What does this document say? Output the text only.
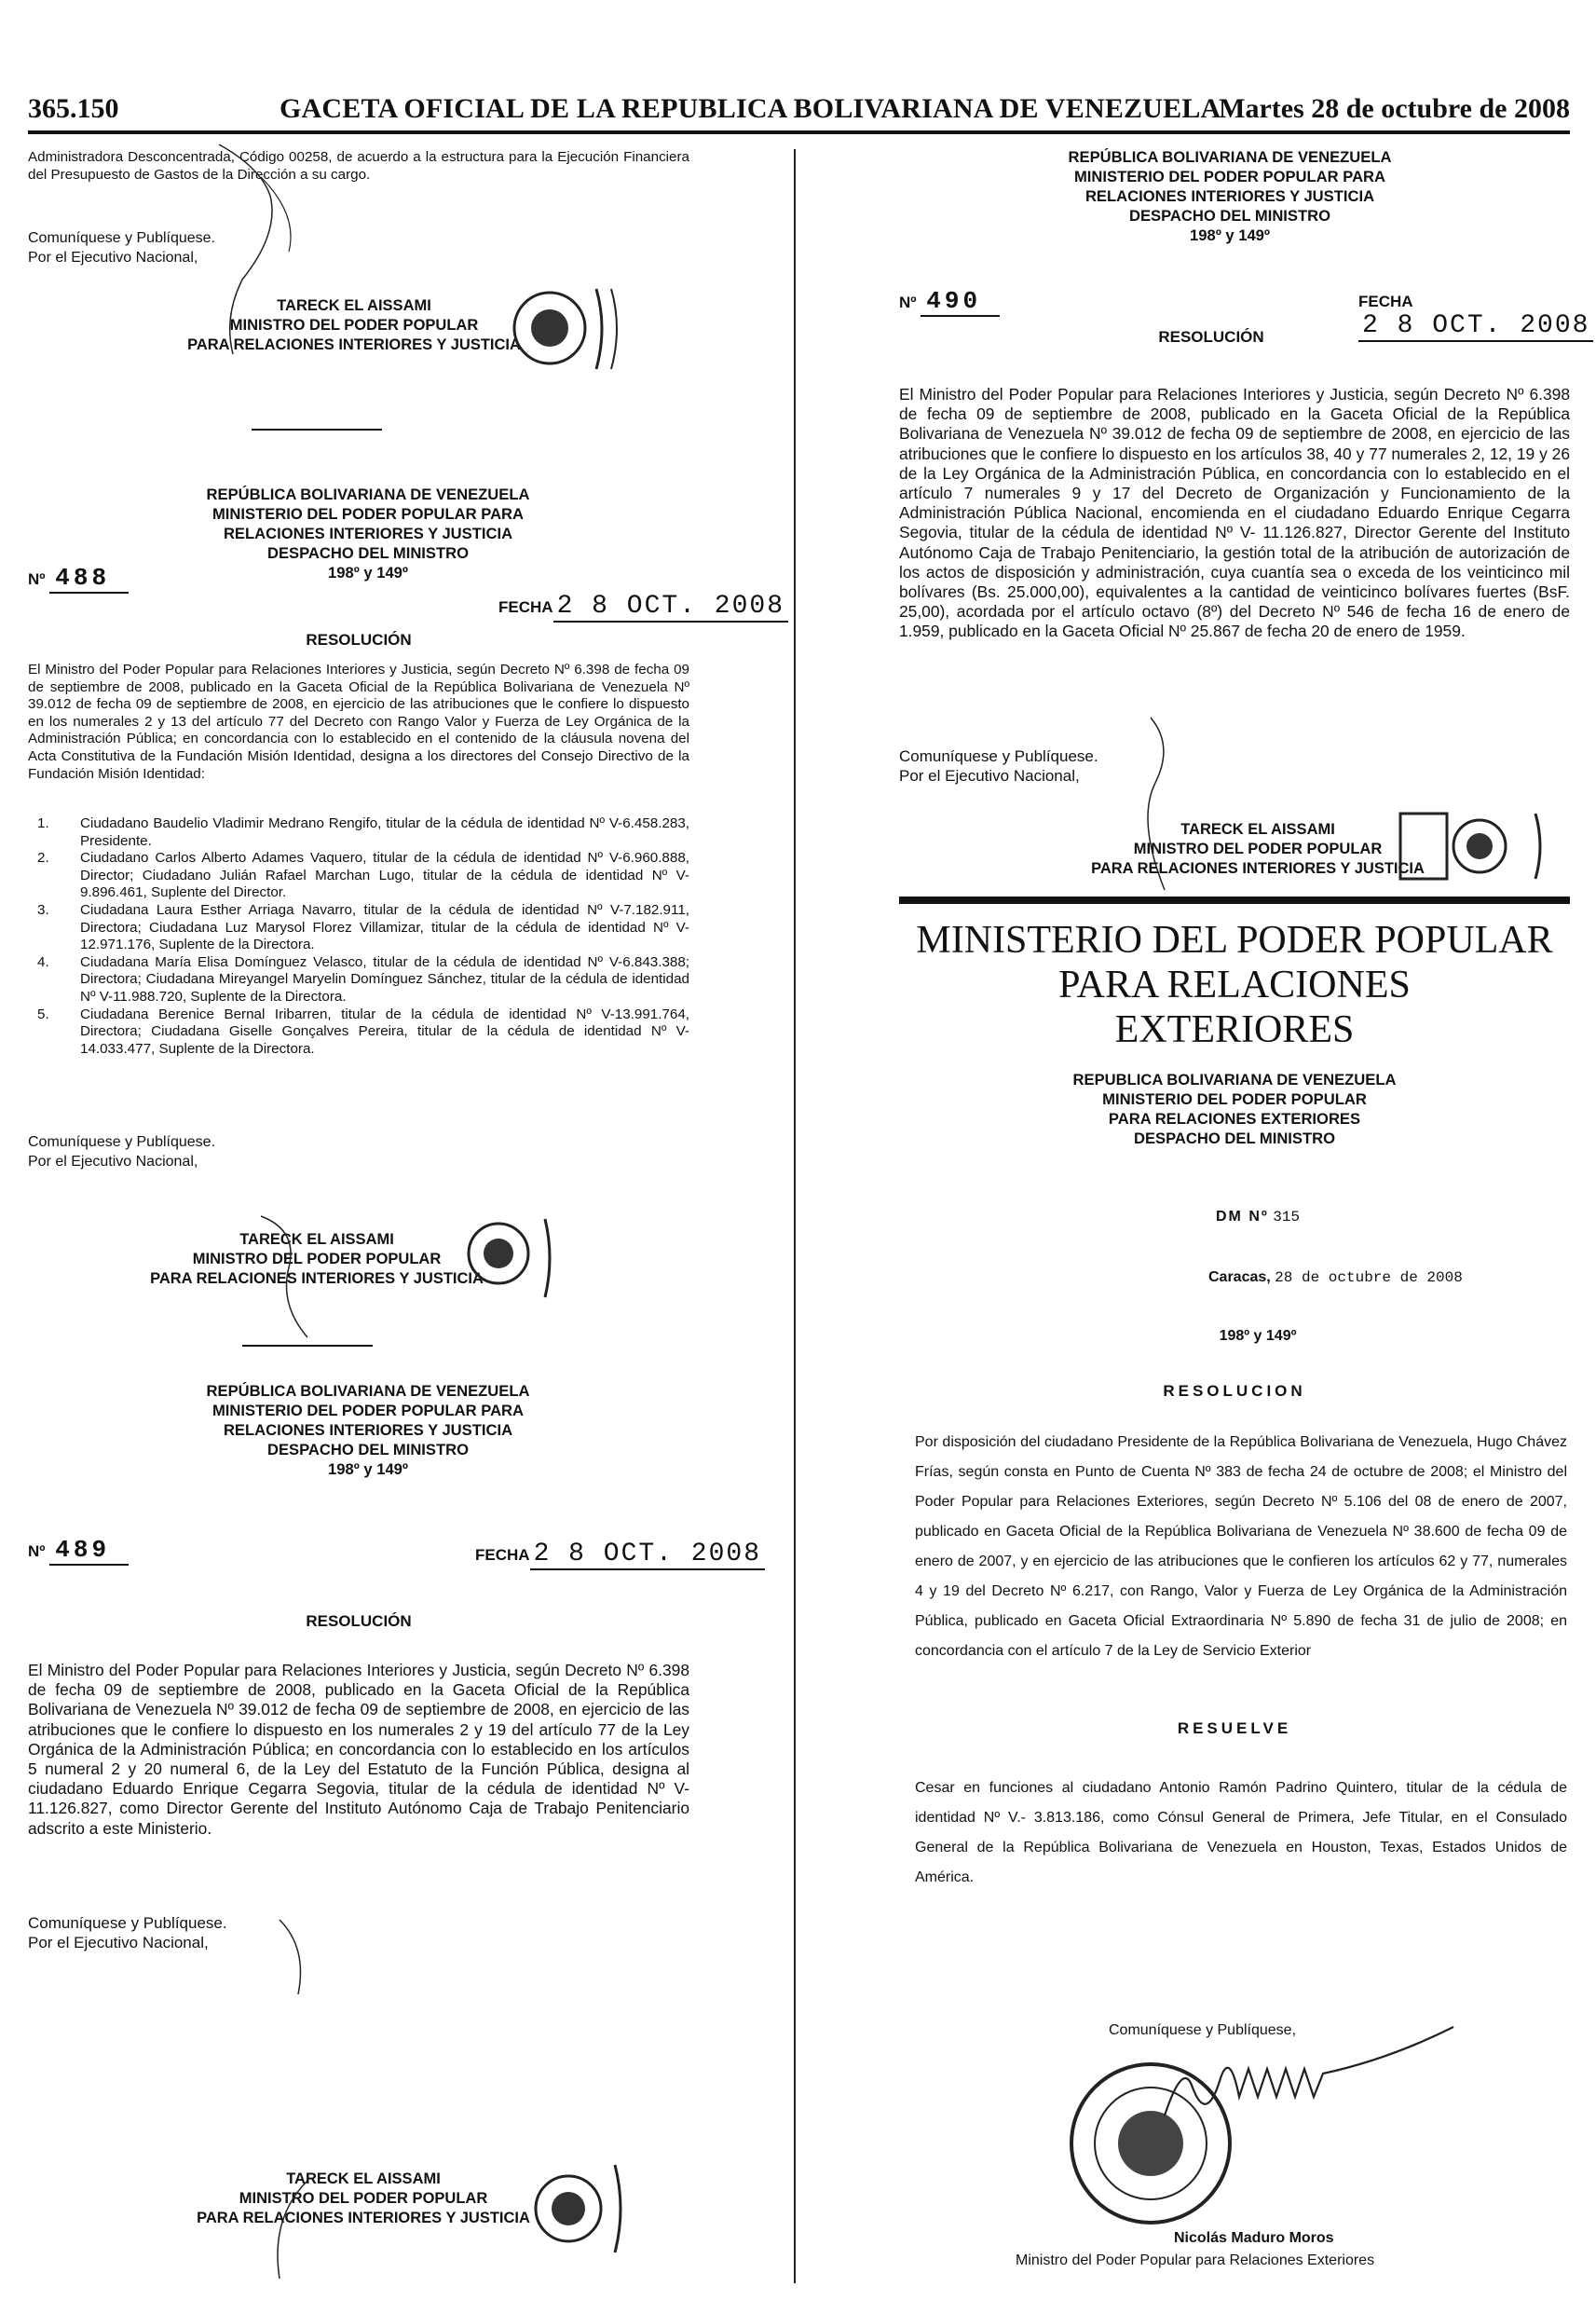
365.150	GACETA OFICIAL DE LA REPUBLICA BOLIVARIANA DE VENEZUELA
Martes 28 de octubre de 2008
Administradora Desconcentrada, Código 00258, de acuerdo a la estructura para la Ejecución Financiera del Presupuesto de Gastos de la Dirección a su cargo.
Comuníquese y Publíquese.
Por el Ejecutivo Nacional,
TARECK EL AISSAMI
MINISTRO DEL PODER POPULAR
PARA RELACIONES INTERIORES Y JUSTICIA
REPÚBLICA BOLIVARIANA DE VENEZUELA
MINISTERIO DEL PODER POPULAR PARA
RELACIONES INTERIORES Y JUSTICIA
DESPACHO DEL MINISTRO
198º y 149º
Nº 488
FECHA 2 8 OCT. 2008
RESOLUCIÓN
El Ministro del Poder Popular para Relaciones Interiores y Justicia, según Decreto Nº 6.398 de fecha 09 de septiembre de 2008, publicado en la Gaceta Oficial de la República Bolivariana de Venezuela Nº 39.012 de fecha 09 de septiembre de 2008, en ejercicio de las atribuciones que le confiere lo dispuesto en los numerales 2 y 13 del artículo 77 del Decreto con Rango Valor y Fuerza de Ley Orgánica de la Administración Pública; en concordancia con lo establecido en el contenido de la cláusula novena del Acta Constitutiva de la Fundación Misión Identidad, designa a los directores del Consejo Directivo de la Fundación Misión Identidad:
1. Ciudadano Baudelio Vladimir Medrano Rengifo, titular de la cédula de identidad Nº V-6.458.283, Presidente.
2. Ciudadano Carlos Alberto Adames Vaquero, titular de la cédula de identidad Nº V-6.960.888, Director; Ciudadano Julián Rafael Marchan Lugo, titular de la cédula de identidad Nº V-9.896.461, Suplente del Director.
3. Ciudadana Laura Esther Arriaga Navarro, titular de la cédula de identidad Nº V-7.182.911, Directora; Ciudadana Luz Marysol Florez Villamizar, titular de la cédula de identidad Nº V- 12.971.176, Suplente de la Directora.
4. Ciudadana María Elisa Domínguez Velasco, titular de la cédula de identidad Nº V-6.843.388; Directora; Ciudadana Mireyangel Maryelin Domínguez Sánchez, titular de la cédula de identidad Nº V-11.988.720, Suplente de la Directora.
5. Ciudadana Berenice Bernal Iribarren, titular de la cédula de identidad Nº V-13.991.764, Directora; Ciudadana Giselle Gonçalves Pereira, titular de la cédula de identidad Nº V-14.033.477, Suplente de la Directora.
Comuníquese y Publíquese.
Por el Ejecutivo Nacional,
TARECK EL AISSAMI
MINISTRO DEL PODER POPULAR
PARA RELACIONES INTERIORES Y JUSTICIA
REPÚBLICA BOLIVARIANA DE VENEZUELA
MINISTERIO DEL PODER POPULAR PARA
RELACIONES INTERIORES Y JUSTICIA
DESPACHO DEL MINISTRO
198º y 149º
Nº 489	FECHA 2 8 OCT. 2008
RESOLUCIÓN
El Ministro del Poder Popular para Relaciones Interiores y Justicia, según Decreto Nº 6.398 de fecha 09 de septiembre de 2008, publicado en la Gaceta Oficial de la República Bolivariana de Venezuela Nº 39.012 de fecha 09 de septiembre de 2008, en ejercicio de las atribuciones que le confiere lo dispuesto en los numerales 2 y 19 del artículo 77 de la Ley Orgánica de la Administración Pública; en concordancia con lo establecido en los artículos 5 numeral 2 y 20 numeral 6, de la Ley del Estatuto de la Función Pública, designa al ciudadano Eduardo Enrique Cegarra Segovia, titular de la cédula de identidad Nº V- 11.126.827, como Director Gerente del Instituto Autónomo Caja de Trabajo Penitenciario adscrito a este Ministerio.
Comuníquese y Publíquese.
Por el Ejecutivo Nacional,
TARECK EL AISSAMI
MINISTRO DEL PODER POPULAR
PARA RELACIONES INTERIORES Y JUSTICIA
REPÚBLICA BOLIVARIANA DE VENEZUELA
MINISTERIO DEL PODER POPULAR PARA
RELACIONES INTERIORES Y JUSTICIA
DESPACHO DEL MINISTRO
198º y 149º
Nº 490	FECHA2 8 OCT. 2008
RESOLUCIÓN
El Ministro del Poder Popular para Relaciones Interiores y Justicia, según Decreto Nº 6.398 de fecha 09 de septiembre de 2008, publicado en la Gaceta Oficial de la República Bolivariana de Venezuela Nº 39.012 de fecha 09 de septiembre de 2008, en ejercicio de las atribuciones que le confiere lo dispuesto en los artículos 38, 40 y 77 numerales 2, 12, 19 y 26 de la Ley Orgánica de la Administración Pública, en concordancia con lo establecido en el artículo 7 numerales 9 y 17 del Decreto de Organización y Funcionamiento de la Administración Pública Nacional, encomienda en el ciudadano Eduardo Enrique Cegarra Segovia, titular de la cédula de identidad Nº V- 11.126.827, Director Gerente del Instituto Autónomo Caja de Trabajo Penitenciario, la gestión total de la atribución de autorización de los actos de disposición y administración, cuya cuantía sea o exceda de los veinticinco mil bolívares (Bs. 25.000,00), equivalentes a la cantidad de veinticinco bolívares fuertes (BsF. 25,00), acordada por el artículo octavo (8º) del Decreto Nº 546 de fecha 16 de enero de 1.959, publicado en la Gaceta Oficial Nº 25.867 de fecha 20 de enero de 1959.
Comuníquese y Publíquese.
Por el Ejecutivo Nacional,
TARECK EL AISSAMI
MINISTRO DEL PODER POPULAR
PARA RELACIONES INTERIORES Y JUSTICIA
MINISTERIO DEL PODER POPULAR
PARA RELACIONES
EXTERIORES
REPUBLICA BOLIVARIANA DE VENEZUELA
MINISTERIO DEL PODER POPULAR
PARA RELACIONES EXTERIORES
DESPACHO DEL MINISTRO
DM Nº 315
Caracas, 28 de octubre de 2008
198º y 149º
RESOLUCION
Por disposición del ciudadano Presidente de la República Bolivariana de Venezuela, Hugo Chávez Frías, según consta en Punto de Cuenta Nº 383 de fecha 24 de octubre de 2008; el Ministro del Poder Popular para Relaciones Exteriores, según Decreto Nº 5.106 del 08 de enero de 2007, publicado en Gaceta Oficial de la República Bolivariana de Venezuela Nº 38.600 de fecha 09 de enero de 2007, y en ejercicio de las atribuciones que le confieren los artículos 62 y 77, numerales 4 y 19 del Decreto Nº 6.217, con Rango, Valor y Fuerza de Ley Orgánica de la Administración Pública, publicado en Gaceta Oficial Extraordinaria Nº 5.890 de fecha 31 de julio de 2008; en concordancia con el artículo 7 de la Ley de Servicio Exterior
RESUELVE
Cesar en funciones al ciudadano Antonio Ramón Padrino Quintero, titular de la cédula de identidad Nº V.- 3.813.186, como Cónsul General de Primera, Jefe Titular, en el Consulado General de la República Bolivariana de Venezuela en Houston, Texas, Estados Unidos de América.
Comuníquese y Publíquese,
Nicolás Maduro Moros
Ministro del Poder Popular para Relaciones Exteriores
